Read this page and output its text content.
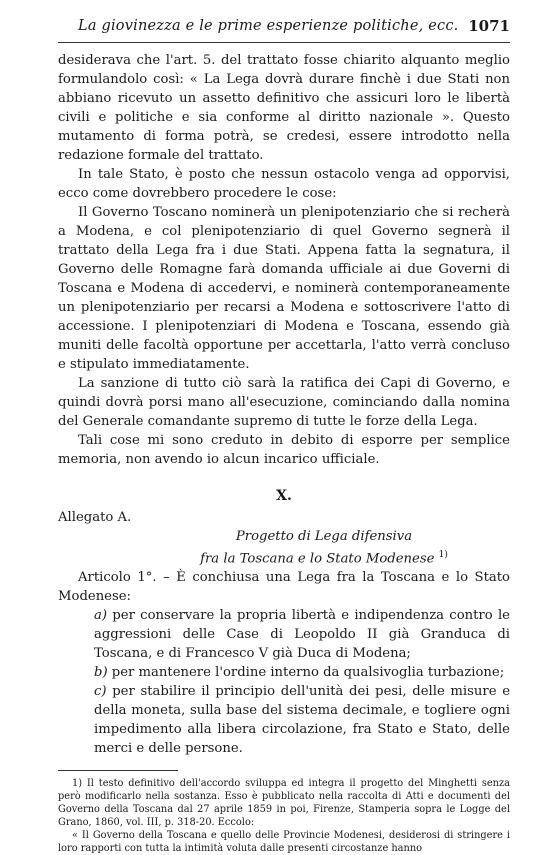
La giovinezza e le prime esperienze politiche, ecc. 1071

desiderava che l'art. 5. del trattato fosse chiarito alquanto meglio formulandolo così: « La Lega dovrà durare finchè i due Stati non abbiano ricevuto un assetto definitivo che assicuri loro le libertà civili e politiche e sia conforme al diritto nazionale ». Questo mutamento di forma potrà, se credesi, essere introdotto nella redazione formale del trattato.

In tale Stato, è posto che nessun ostacolo venga ad opporvisi, ecco come dovrebbero procedere le cose:

Il Governo Toscano nominerà un plenipotenziario che si recherà a Modena, e col plenipotenziario di quel Governo segnerà il trattato della Lega fra i due Stati. Appena fatta la segnatura, il Governo delle Romagne farà domanda ufficiale ai due Governi di Toscana e Modena di accedervi, e nominerà contemporaneamente un plenipotenziario per recarsi a Modena e sottoscrivere l'atto di accessione. I plenipotenziari di Modena e Toscana, essendo già muniti delle facoltà opportune per accettarla, l'atto verrà concluso e stipulato immediatamente.

La sanzione di tutto ciò sarà la ratifica dei Capi di Governo, e quindi dovrà porsi mano all'esecuzione, cominciando dalla nomina del Generale comandante supremo di tutte le forze della Lega.

Tali cose mi sono creduto in debito di esporre per semplice memoria, non avendo io alcun incarico ufficiale.

X.
Allegato A.
Progetto di Lega difensiva
fra la Toscana e lo Stato Modenese $^{1)}$

Articolo 1°. – È conchiusa una Lega fra la Toscana e lo Stato Modenese:

a) per conservare la propria libertà e indipendenza contro le aggressioni delle Case di Leopoldo II già Granduca di Toscana, e di Francesco V già Duca di Modena;

b) per mantenere l'ordine interno da qualsivoglia turbazione;

c) per stabilire il principio dell'unità dei pesi, delle misure e della moneta, sulla base del sistema decimale, e togliere ogni impedimento alla libera circolazione, fra Stato e Stato, delle merci e delle persone.

1) Il testo definitivo dell'accordo sviluppa ed integra il progetto del Minghetti senza però modificarlo nella sostanza. Esso è pubblicato nella raccolta di Atti e documenti del Governo della Toscana dal 27 aprile 1859 in poi, Firenze, Stamperia sopra le Logge del Grano, 1860, vol. III, p. 318-20. Eccolo:

« Il Governo della Toscana e quello delle Provincie Modenesi, desiderosi di stringere i loro rapporti con tutta la intimità voluta dalle presenti circostanze hanno
